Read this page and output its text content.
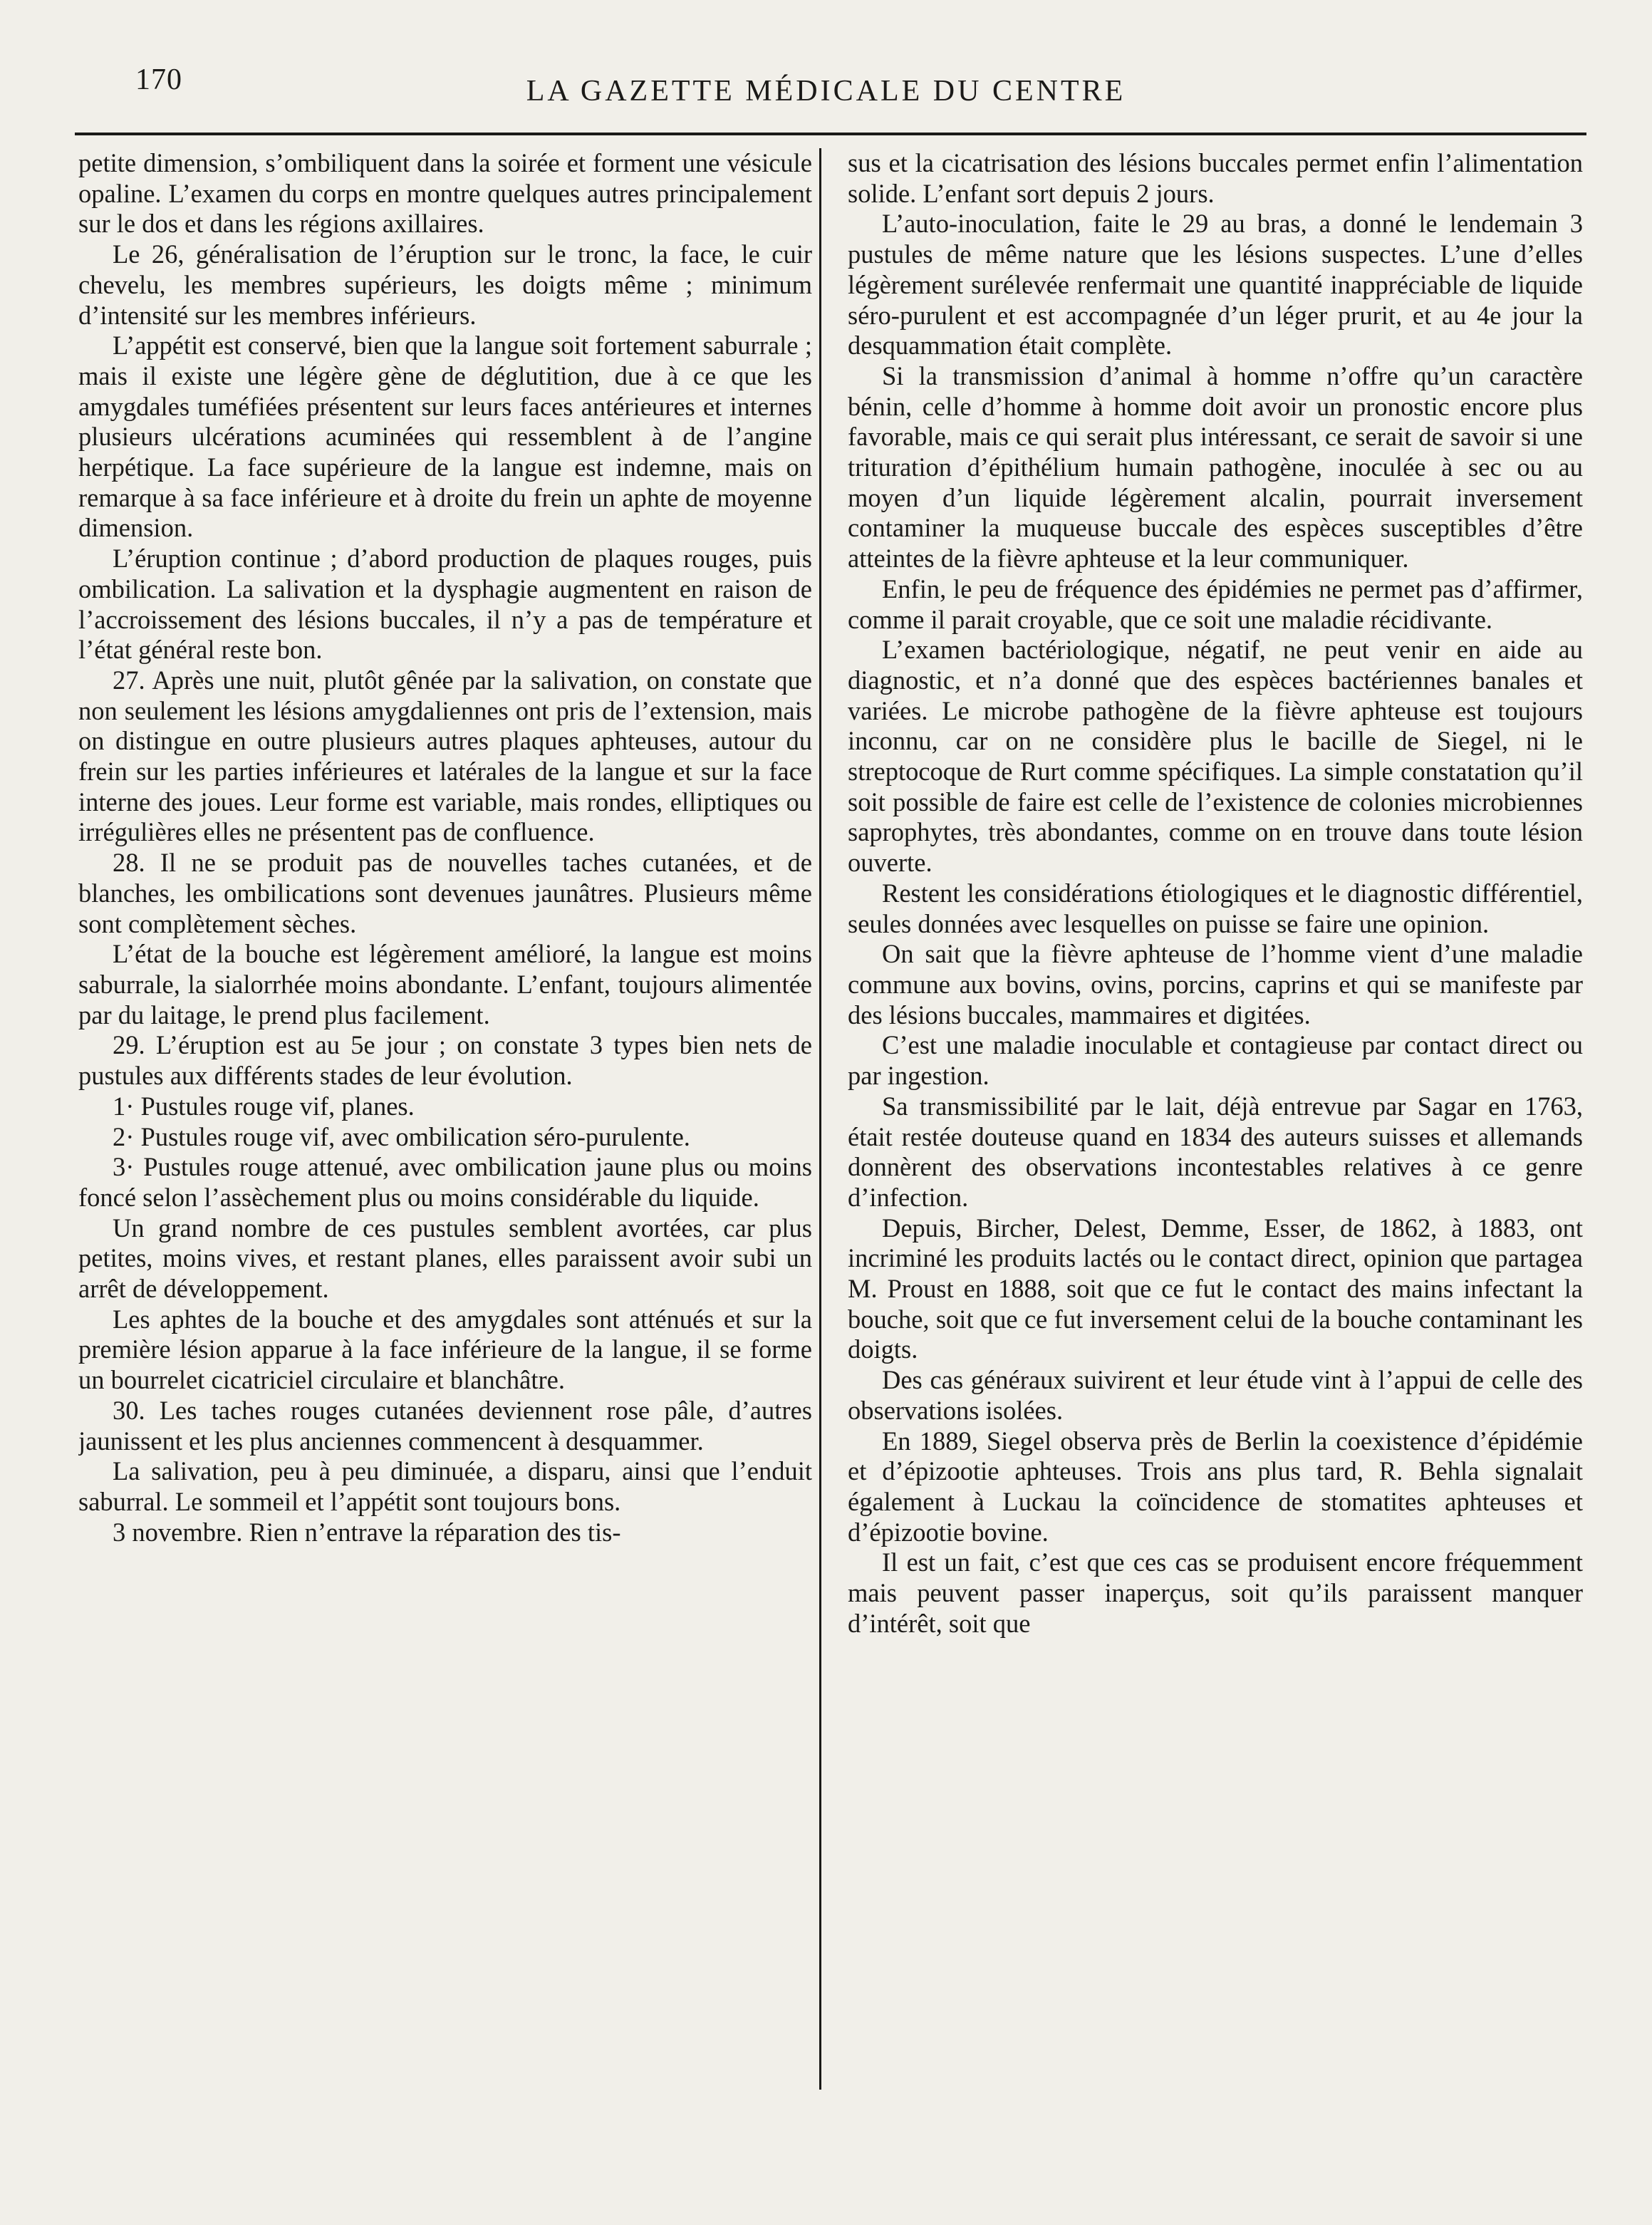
170	LA GAZETTE MÉDICALE DU CENTRE

petite dimension, s’ombiliquent dans la soirée et forment une vésicule opaline. L’examen du corps en montre quelques autres principalement sur le dos et dans les régions axillaires.

Le 26, généralisation de l’éruption sur le tronc, la face, le cuir chevelu, les membres supérieurs, les doigts même ; minimum d’intensité sur les membres inférieurs.

L’appétit est conservé, bien que la langue soit fortement saburrale ; mais il existe une légère gène de déglutition, due à ce que les amygdales tuméfiées présentent sur leurs faces antérieures et internes plusieurs ulcérations acuminées qui ressemblent à de l’angine herpétique. La face supérieure de la langue est indemne, mais on remarque à sa face inférieure et à droite du frein un aphte de moyenne dimension.

L’éruption continue ; d’abord production de plaques rouges, puis ombilication. La salivation et la dysphagie augmentent en raison de l’accroissement des lésions buccales, il n’y a pas de température et l’état général reste bon.

27. Après une nuit, plutôt gênée par la salivation, on constate que non seulement les lésions amygdaliennes ont pris de l’extension, mais on distingue en outre plusieurs autres plaques aphteuses, autour du frein sur les parties inférieures et latérales de la langue et sur la face interne des joues. Leur forme est variable, mais rondes, elliptiques ou irrégulières elles ne présentent pas de confluence.

28. Il ne se produit pas de nouvelles taches cutanées, et de blanches, les ombilications sont devenues jaunâtres. Plusieurs même sont complètement sèches.

L’état de la bouche est légèrement amélioré, la langue est moins saburrale, la sialorrhée moins abondante. L’enfant, toujours alimentée par du laitage, le prend plus facilement.

29. L’éruption est au 5e jour ; on constate 3 types bien nets de pustules aux différents stades de leur évolution.

1· Pustules rouge vif, planes.

2· Pustules rouge vif, avec ombilication séro-purulente.

3· Pustules rouge attenué, avec ombilication jaune plus ou moins foncé selon l’assèchement plus ou moins considérable du liquide.

Un grand nombre de ces pustules semblent avortées, car plus petites, moins vives, et restant planes, elles paraissent avoir subi un arrêt de développement.

Les aphtes de la bouche et des amygdales sont atténués et sur la première lésion apparue à la face inférieure de la langue, il se forme un bourrelet cicatriciel circulaire et blanchâtre.

30. Les taches rouges cutanées deviennent rose pâle, d’autres jaunissent et les plus anciennes commencent à desquammer.

La salivation, peu à peu diminuée, a disparu, ainsi que l’enduit saburral. Le sommeil et l’appétit sont toujours bons.

3 novembre. Rien n’entrave la réparation des tis-

sus et la cicatrisation des lésions buccales permet enfin l’alimentation solide. L’enfant sort depuis 2 jours.

L’auto-inoculation, faite le 29 au bras, a donné le lendemain 3 pustules de même nature que les lésions suspectes. L’une d’elles légèrement surélevée renfermait une quantité inappréciable de liquide séro-purulent et est accompagnée d’un léger prurit, et au 4e jour la desquammation était complète.

Si la transmission d’animal à homme n’offre qu’un caractère bénin, celle d’homme à homme doit avoir un pronostic encore plus favorable, mais ce qui serait plus intéressant, ce serait de savoir si une trituration d’épithélium humain pathogène, inoculée à sec ou au moyen d’un liquide légèrement alcalin, pourrait inversement contaminer la muqueuse buccale des espèces susceptibles d’être atteintes de la fièvre aphteuse et la leur communiquer.

Enfin, le peu de fréquence des épidémies ne permet pas d’affirmer, comme il parait croyable, que ce soit une maladie récidivante.

L’examen bactériologique, négatif, ne peut venir en aide au diagnostic, et n’a donné que des espèces bactériennes banales et variées. Le microbe pathogène de la fièvre aphteuse est toujours inconnu, car on ne considère plus le bacille de Siegel, ni le streptocoque de Rurt comme spécifiques. La simple constatation qu’il soit possible de faire est celle de l’existence de colonies microbiennes saprophytes, très abondantes, comme on en trouve dans toute lésion ouverte.

Restent les considérations étiologiques et le diagnostic différentiel, seules données avec lesquelles on puisse se faire une opinion.

On sait que la fièvre aphteuse de l’homme vient d’une maladie commune aux bovins, ovins, porcins, caprins et qui se manifeste par des lésions buccales, mammaires et digitées.

C’est une maladie inoculable et contagieuse par contact direct ou par ingestion.

Sa transmissibilité par le lait, déjà entrevue par Sagar en 1763, était restée douteuse quand en 1834 des auteurs suisses et allemands donnèrent des observations incontestables relatives à ce genre d’infection.

Depuis, Bircher, Delest, Demme, Esser, de 1862, à 1883, ont incriminé les produits lactés ou le contact direct, opinion que partagea M. Proust en 1888, soit que ce fut le contact des mains infectant la bouche, soit que ce fut inversement celui de la bouche contaminant les doigts.

Des cas généraux suivirent et leur étude vint à l’appui de celle des observations isolées.

En 1889, Siegel observa près de Berlin la coexistence d’épidémie et d’épizootie aphteuses. Trois ans plus tard, R. Behla signalait également à Luckau la coïncidence de stomatites aphteuses et d’épizootie bovine.

Il est un fait, c’est que ces cas se produisent encore fréquemment mais peuvent passer inaperçus, soit qu’ils paraissent manquer d’intérêt, soit que
